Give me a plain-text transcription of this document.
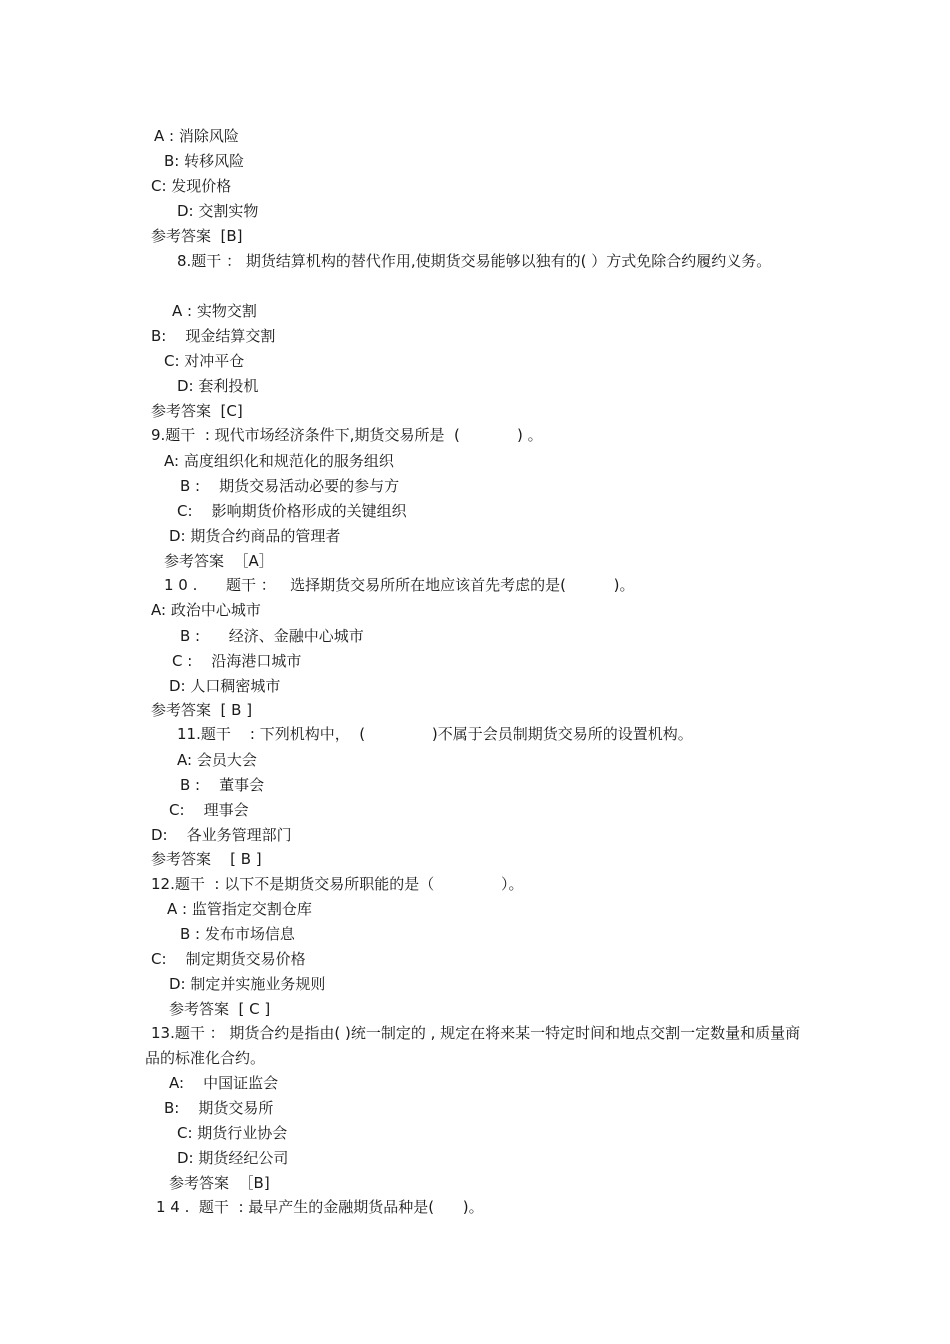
A : 消除风险
B: 转移风险
C: 发现价格
D: 交割实物
参考答案  [B]
8.题干 ： 期货结算机构的替代作用,使期货交易能够以独有的( ）方式免除合约履约义务。
A : 实物交割
B:    现金结算交割
C: 对冲平仓
D: 套利投机
参考答案  [C]
9.题干  : 现代市场经济条件下,期货交易所是  (            ) 。
A: 高度组织化和规范化的服务组织
B :    期货交易活动必要的参与方
C:    影响期货价格形成的关键组织
D: 期货合约商品的管理者
参考答案  ［A］
1 0 .      题干 ：   选择期货交易所所在地应该首先考虑的是(          )。
A: 政治中心城市
B :      经济、金融中心城市
C :    沿海港口城市
D: 人口稠密城市
参考答案  [ B ]
11.题干    : 下列机构中，  (              )不属于会员制期货交易所的设置机构。
A: 会员大会
B :    董事会
C:    理事会
D:    各业务管理部门
参考答案    [ B ]
12.题干  : 以下不是期货交易所职能的是（              ）。
A : 监管指定交割仓库
B : 发布市场信息
C:    制定期货交易价格
D: 制定并实施业务规则
参考答案  [ C ]
13.题干 ： 期货合约是指由( )统一制定的 , 规定在将来某一特定时间和地点交割一定数量和质量商品的标准化合约。
A:    中国证监会
B:    期货交易所
C: 期货行业协会
D: 期货经纪公司
参考答案  ［B]
1 4 .  题干  : 最早产生的金融期货品种是(      )。
